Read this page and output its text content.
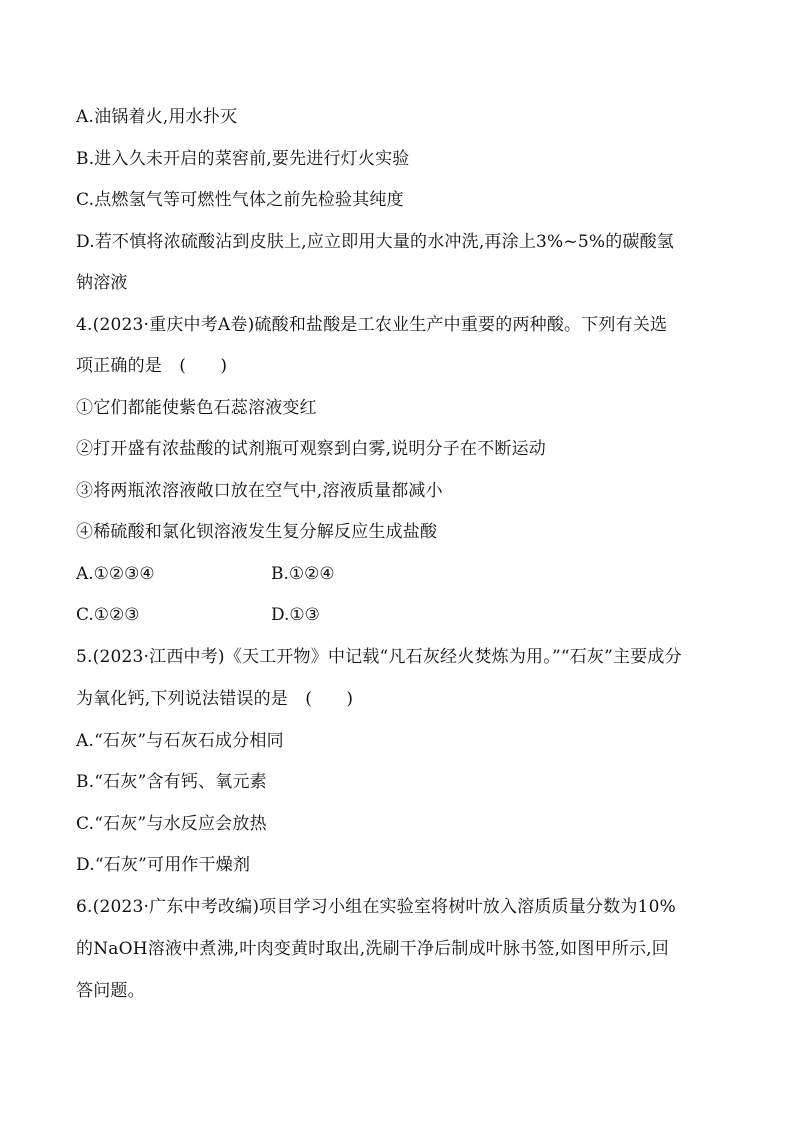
A.油锅着火,用水扑灭
B.进入久未开启的菜窖前,要先进行灯火实验
C.点燃氢气等可燃性气体之前先检验其纯度
D.若不慎将浓硫酸沾到皮肤上,应立即用大量的水冲洗,再涂上3%~5%的碳酸氢
钠溶液
4.(2023·重庆中考A卷)硫酸和盐酸是工农业生产中重要的两种酸。下列有关选
项正确的是　(　　)
①它们都能使紫色石蕊溶液变红
②打开盛有浓盐酸的试剂瓶可观察到白雾,说明分子在不断运动
③将两瓶浓溶液敞口放在空气中,溶液质量都减小
④稀硫酸和氯化钡溶液发生复分解反应生成盐酸
A.①②③④	B.①②④
C.①②③	D.①③
5.(2023·江西中考)《天工开物》中记载“凡石灰经火焚炼为用。”“石灰”主要成分
为氧化钙,下列说法错误的是　(　　)
A.“石灰”与石灰石成分相同
B.“石灰”含有钙、氧元素
C.“石灰”与水反应会放热
D.“石灰”可用作干燥剂
6.(2023·广东中考改编)项目学习小组在实验室将树叶放入溶质质量分数为10%
的NaOH溶液中煮沸,叶肉变黄时取出,洗刷干净后制成叶脉书签,如图甲所示,回
答问题。
